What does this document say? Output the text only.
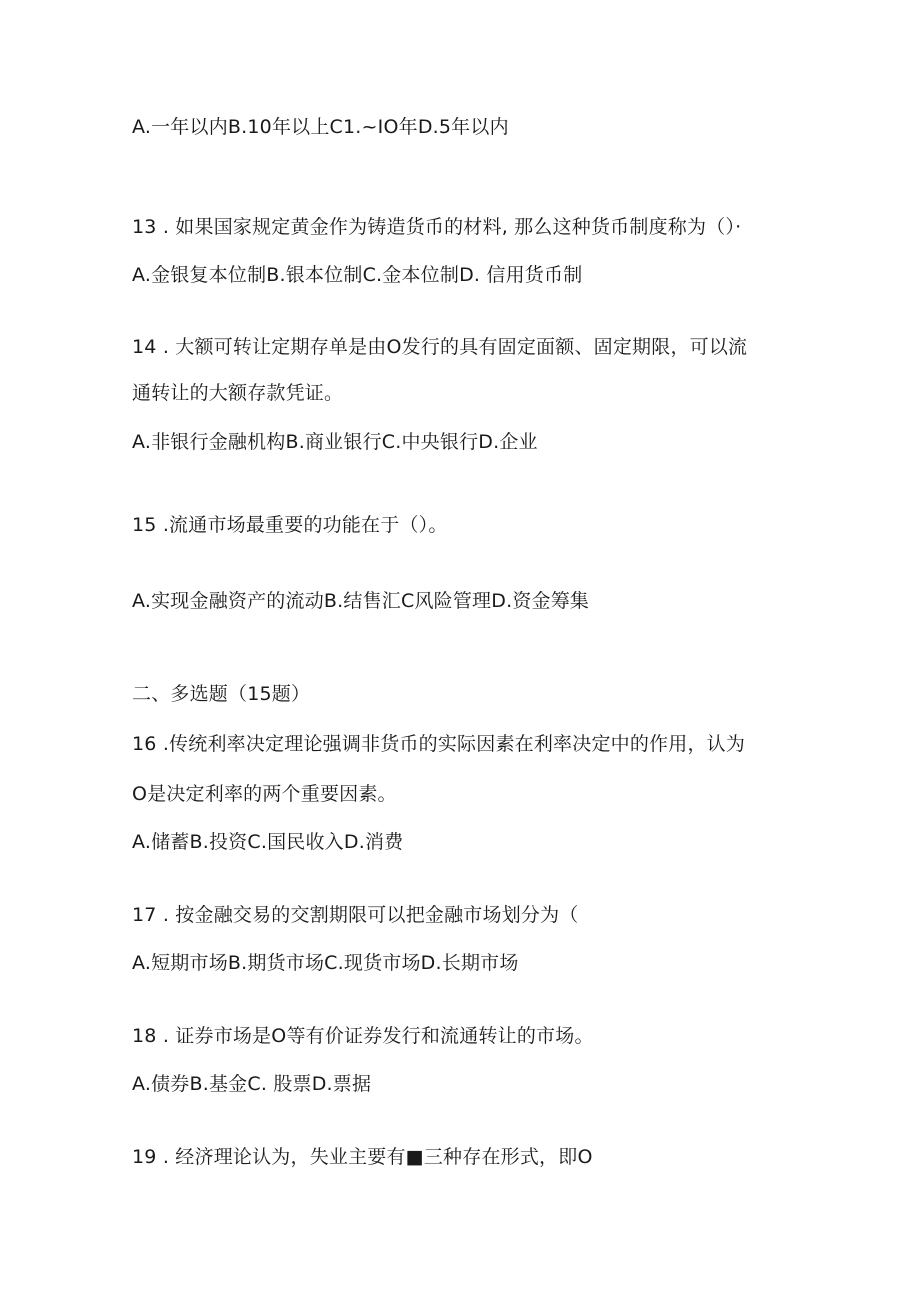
A.一年以内B.10年以上C1.~IO年D.5年以内
13 . 如果国家规定黄金作为铸造货币的材料, 那么这种货币制度称为（）·
A.金银复本位制B.银本位制C.金本位制D. 信用货币制
14 . 大额可转让定期存单是由O发行的具有固定面额、固定期限，可以流
通转让的大额存款凭证。
A.非银行金融机构B.商业银行C.中央银行D.企业
15 .流通市场最重要的功能在于（）。
A.实现金融资产的流动B.结售汇C风险管理D.资金筹集
二、多选题（15题）
16 .传统利率决定理论强调非货币的实际因素在利率决定中的作用，认为
O是决定利率的两个重要因素。
A.储蓄B.投资C.国民收入D.消费
17 . 按金融交易的交割期限可以把金融市场划分为（
A.短期市场B.期货市场C.现货市场D.长期市场
18 . 证券市场是O等有价证券发行和流通转让的市场。
A.债券B.基金C. 股票D.票据
19 . 经济理论认为，失业主要有■三种存在形式，即O
